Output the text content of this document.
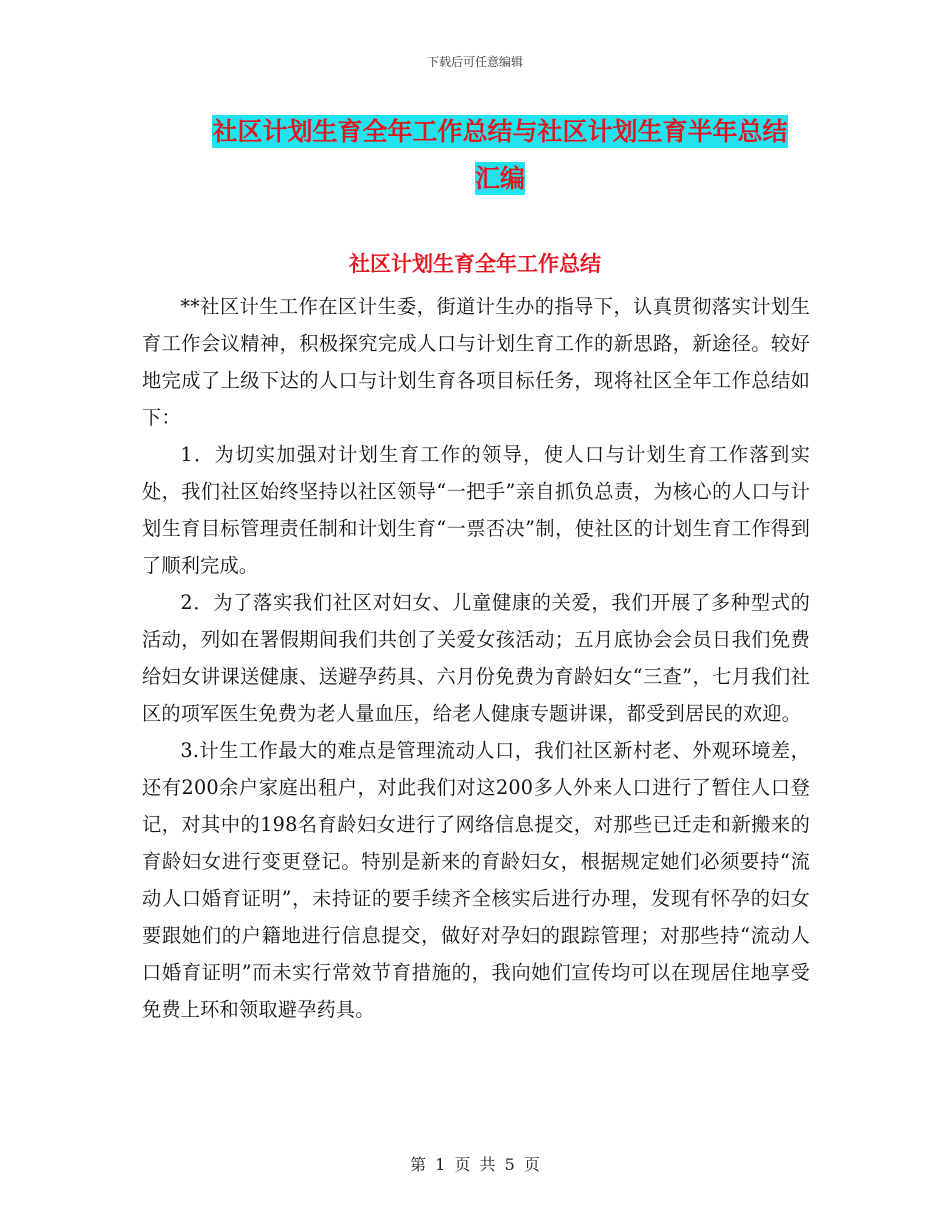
下载后可任意编辑
社区计划生育全年工作总结与社区计划生育半年总结
汇编
社区计划生育全年工作总结

**社区计生工作在区计生委，街道计生办的指导下，认真贯彻落实计划生育工作会议精神，积极探究完成人口与计划生育工作的新思路，新途径。较好地完成了上级下达的人口与计划生育各项目标任务，现将社区全年工作总结如下：

1．为切实加强对计划生育工作的领导，使人口与计划生育工作落到实处，我们社区始终坚持以社区领导“一把手”亲自抓负总责，为核心的人口与计划生育目标管理责任制和计划生育“一票否决”制，使社区的计划生育工作得到了顺利完成。

2．为了落实我们社区对妇女、儿童健康的关爱，我们开展了多种型式的活动，列如在署假期间我们共创了关爱女孩活动；五月底协会会员日我们免费给妇女讲课送健康、送避孕药具、六月份免费为育龄妇女“三查”，七月我们社区的项军医生免费为老人量血压，给老人健康专题讲课，都受到居民的欢迎。

3.计生工作最大的难点是管理流动人口，我们社区新村老、外观环境差，还有200余户家庭出租户，对此我们对这200多人外来人口进行了暂住人口登记，对其中的198名育龄妇女进行了网络信息提交，对那些已迁走和新搬来的育龄妇女进行变更登记。特别是新来的育龄妇女，根据规定她们必须要持“流动人口婚育证明”，未持证的要手续齐全核实后进行办理，发现有怀孕的妇女要跟她们的户籍地进行信息提交，做好对孕妇的跟踪管理；对那些持“流动人口婚育证明”而未实行常效节育措施的，我向她们宣传均可以在现居住地享受免费上环和领取避孕药具。

第 1 页 共 5 页
